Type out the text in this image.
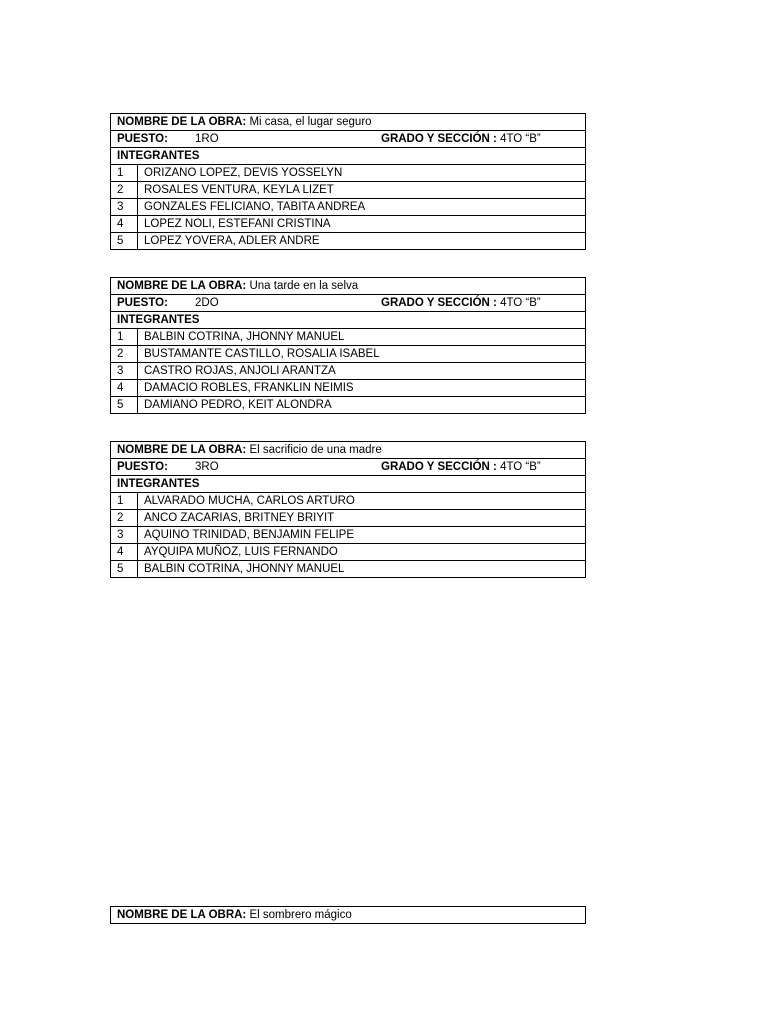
NOMBRE DE LA OBRA: Mi casa, el lugar seguro	

PUESTO: 1RO GRADO Y SECCIÓN : 4TO “B”	

INTEGRANTES	
1	ORIZANO LOPEZ, DEVIS YOSSELYN
2	ROSALES VENTURA, KEYLA LIZET
3	GONZALES FELICIANO, TABITA ANDREA
4	LOPEZ NOLI, ESTEFANI CRISTINA
5	LOPEZ YOVERA, ADLER ANDRE
NOMBRE DE LA OBRA: Una tarde en la selva	

PUESTO: 2DO GRADO Y SECCIÓN : 4TO “B”	

INTEGRANTES	
1	BALBIN COTRINA, JHONNY MANUEL
2	BUSTAMANTE CASTILLO, ROSALIA ISABEL
3	CASTRO ROJAS, ANJOLI ARANTZA
4	DAMACIO ROBLES, FRANKLIN NEIMIS
5	DAMIANO PEDRO, KEIT ALONDRA
NOMBRE DE LA OBRA: El sacrificio de una madre	

PUESTO: 3RO GRADO Y SECCIÓN : 4TO “B”	

INTEGRANTES	
1	ALVARADO MUCHA, CARLOS ARTURO
2	ANCO ZACARIAS, BRITNEY BRIYIT
3	AQUINO TRINIDAD, BENJAMIN FELIPE
4	AYQUIPA MUÑOZ, LUIS FERNANDO
5	BALBIN COTRINA, JHONNY MANUEL
NOMBRE DE LA OBRA: El sombrero mágico
